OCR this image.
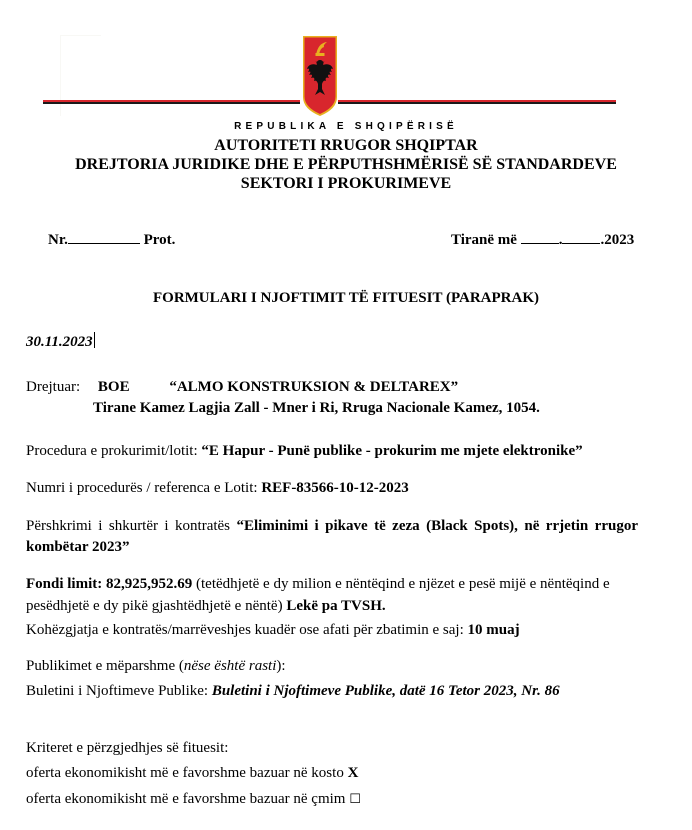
REPUBLIKA E SHQIPËRISË
AUTORITETI RRUGOR SHQIPTAR
DREJTORIA JURIDIKE DHE E PËRPUTHSHMËRISË SË STANDARDEVE
SEKTORI I PROKURIMEVE
Nr.	Prot.	Tiranë më	.	.2023
FORMULARI I NJOFTIMIT TË FITUESIT (PARAPRAK)
30.11.2023
Drejtuar: BOE	“ALMO KONSTRUKSION & DELTAREX”
Tirane Kamez Lagjia Zall - Mner i Ri, Rruga Nacionale Kamez, 1054.
Procedura e prokurimit/lotit: “E Hapur - Punë publike - prokurim me mjete elektronike”
Numri i procedurës / referenca e Lotit: REF-83566-10-12-2023
Përshkrimi i shkurtër i kontratës “Eliminimi i pikave të zeza (Black Spots), në rrjetin rrugor kombëtar 2023”
Fondi limit: 82,925,952.69 (tetëdhjetë e dy milion e nëntëqind e njëzet e pesë mijë e nëntëqind e pesëdhjetë e dy pikë gjashtëdhjetë e nëntë) Lekë pa TVSH.
Kohëzgjatja e kontratës/marrëveshjes kuadër ose afati për zbatimin e saj: 10 muaj
Publikimet e mëparshme (nëse është rasti):
Buletini i Njoftimeve Publike: Buletini i Njoftimeve Publike, datë 16 Tetor 2023, Nr. 86
Kriteret e përzgjedhjes së fituesit:
oferta ekonomikisht më e favorshme bazuar në kosto X
oferta ekonomikisht më e favorshme bazuar në çmim ☐
